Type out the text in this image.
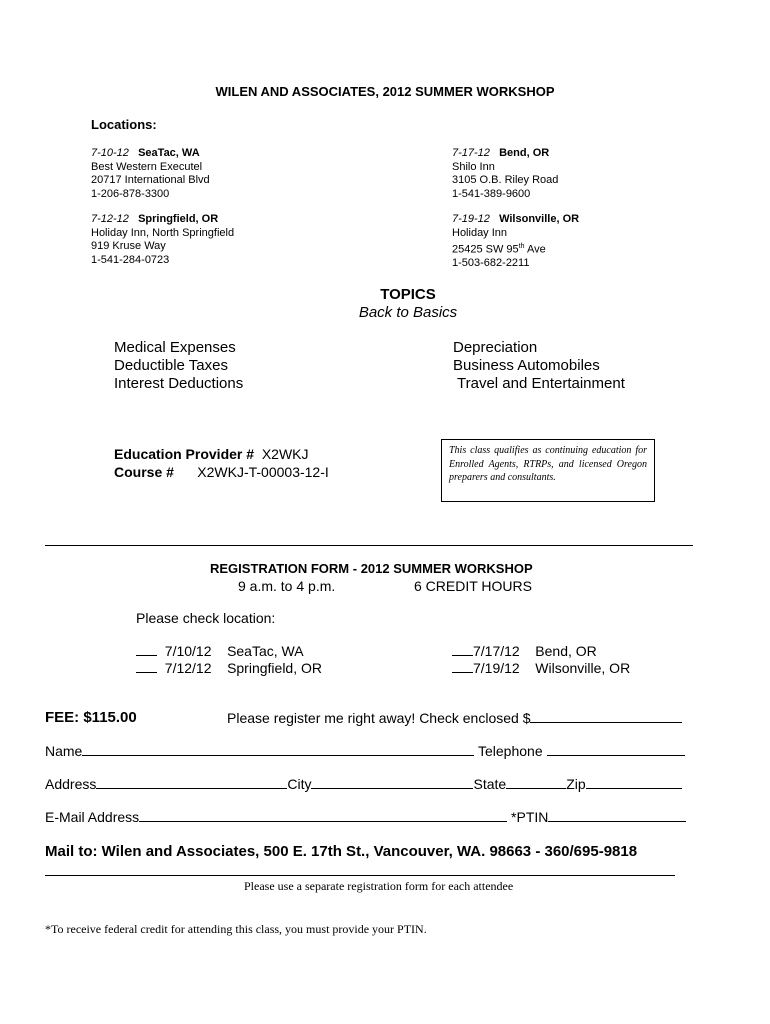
WILEN AND ASSOCIATES, 2012 SUMMER WORKSHOP
Locations:
7-10-12 SeaTac, WA
Best Western Executel
20717 International Blvd
1-206-878-3300
7-17-12 Bend, OR
Shilo Inn
3105 O.B. Riley Road
1-541-389-9600
7-12-12 Springfield, OR
Holiday Inn, North Springfield
919 Kruse Way
1-541-284-0723
7-19-12 Wilsonville, OR
Holiday Inn
25425 SW 95th Ave
1-503-682-2211
TOPICS
Back to Basics
Medical Expenses
Deductible Taxes
Interest Deductions
Depreciation
Business Automobiles
Travel and Entertainment
Education Provider # X2WKJ
Course # X2WKJ-T-00003-12-I
This class qualifies as continuing education for Enrolled Agents, RTRPs, and licensed Oregon preparers and consultants.
REGISTRATION FORM - 2012 SUMMER WORKSHOP
9 a.m. to 4 p.m.	6 CREDIT HOURS
Please check location:
7/10/12 SeaTac, WA
7/12/12 Springfield, OR
7/17/12 Bend, OR
7/19/12 Wilsonville, OR
FEE: $115.00	Please register me right away! Check enclosed $
Name	Telephone
Address	City	State	Zip
E-Mail Address	*PTIN
Mail to: Wilen and Associates, 500 E. 17th St., Vancouver, WA. 98663 - 360/695-9818
Please use a separate registration form for each attendee
*To receive federal credit for attending this class, you must provide your PTIN.
